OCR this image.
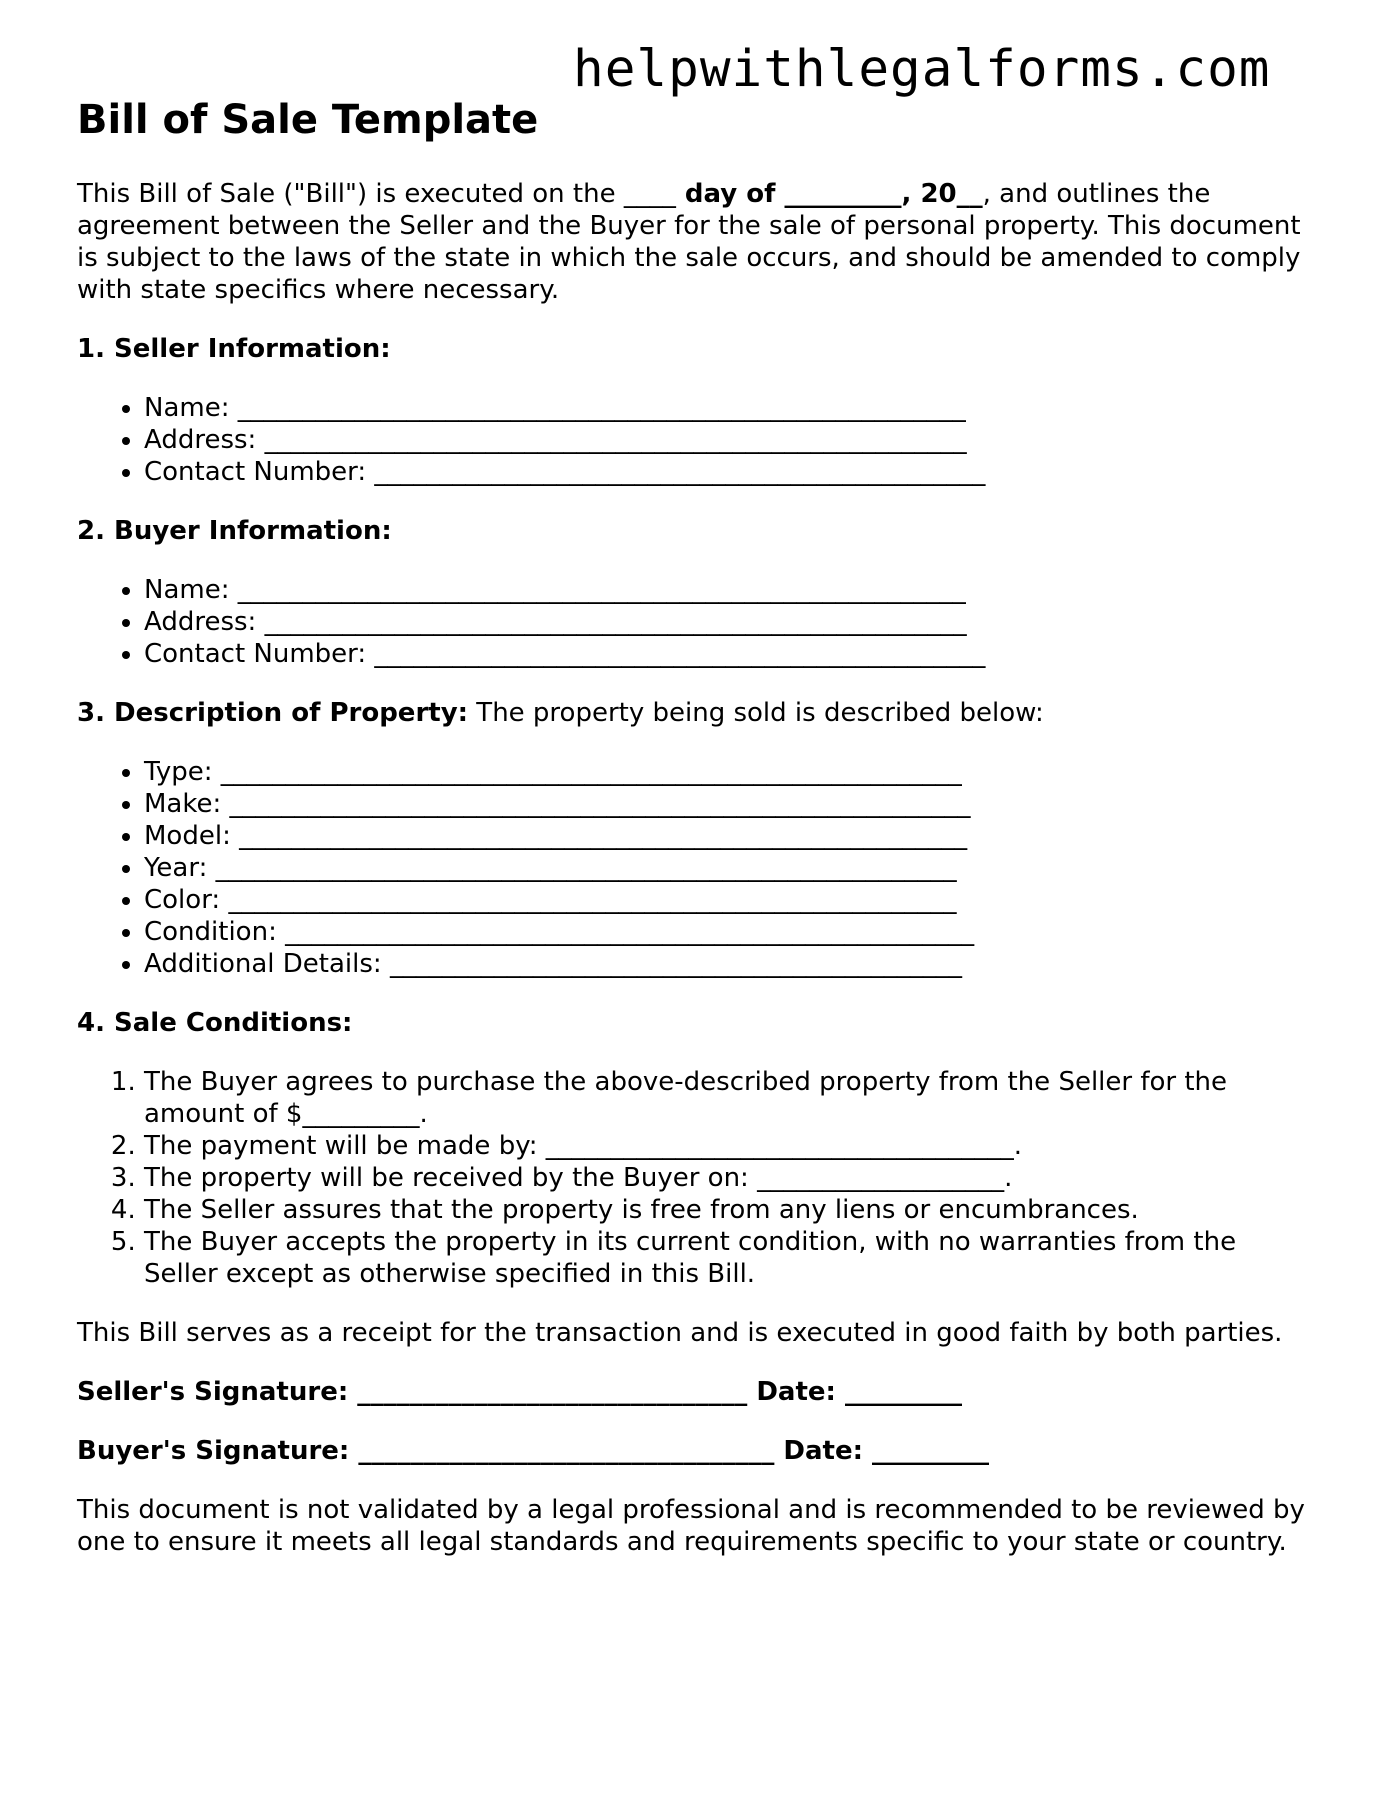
helpwithlegalforms.com
Bill of Sale Template

This Bill of Sale ("Bill") is executed on the ____ day of _________, 20__, and outlines the agreement between the Seller and the Buyer for the sale of personal property. This document is subject to the laws of the state in which the sale occurs, and should be amended to comply with state specifics where necessary.

1. Seller Information:
• Name: ________________________________________________________
• Address: ______________________________________________________
• Contact Number: _______________________________________________
2. Buyer Information:
• Name: ________________________________________________________
• Address: ______________________________________________________
• Contact Number: _______________________________________________

3. Description of Property: The property being sold is described below:

• Type: _________________________________________________________
• Make: _________________________________________________________
• Model: ________________________________________________________
• Year: _________________________________________________________
• Color: ________________________________________________________
• Condition: _____________________________________________________
• Additional Details: ____________________________________________
4. Sale Conditions:
1. The Buyer agrees to purchase the above-described property from the Seller for the amount of $_________.
2. The payment will be made by: ____________________________________.
3. The property will be received by the Buyer on: ___________________.
4. The Seller assures that the property is free from any liens or encumbrances.
5. The Buyer accepts the property in its current condition, with no warranties from the Seller except as otherwise specified in this Bill.

This Bill serves as a receipt for the transaction and is executed in good faith by both parties.

Seller's Signature: ______________________________ Date: _________

Buyer's Signature: ________________________________ Date: _________

This document is not validated by a legal professional and is recommended to be reviewed by one to ensure it meets all legal standards and requirements specific to your state or country.
